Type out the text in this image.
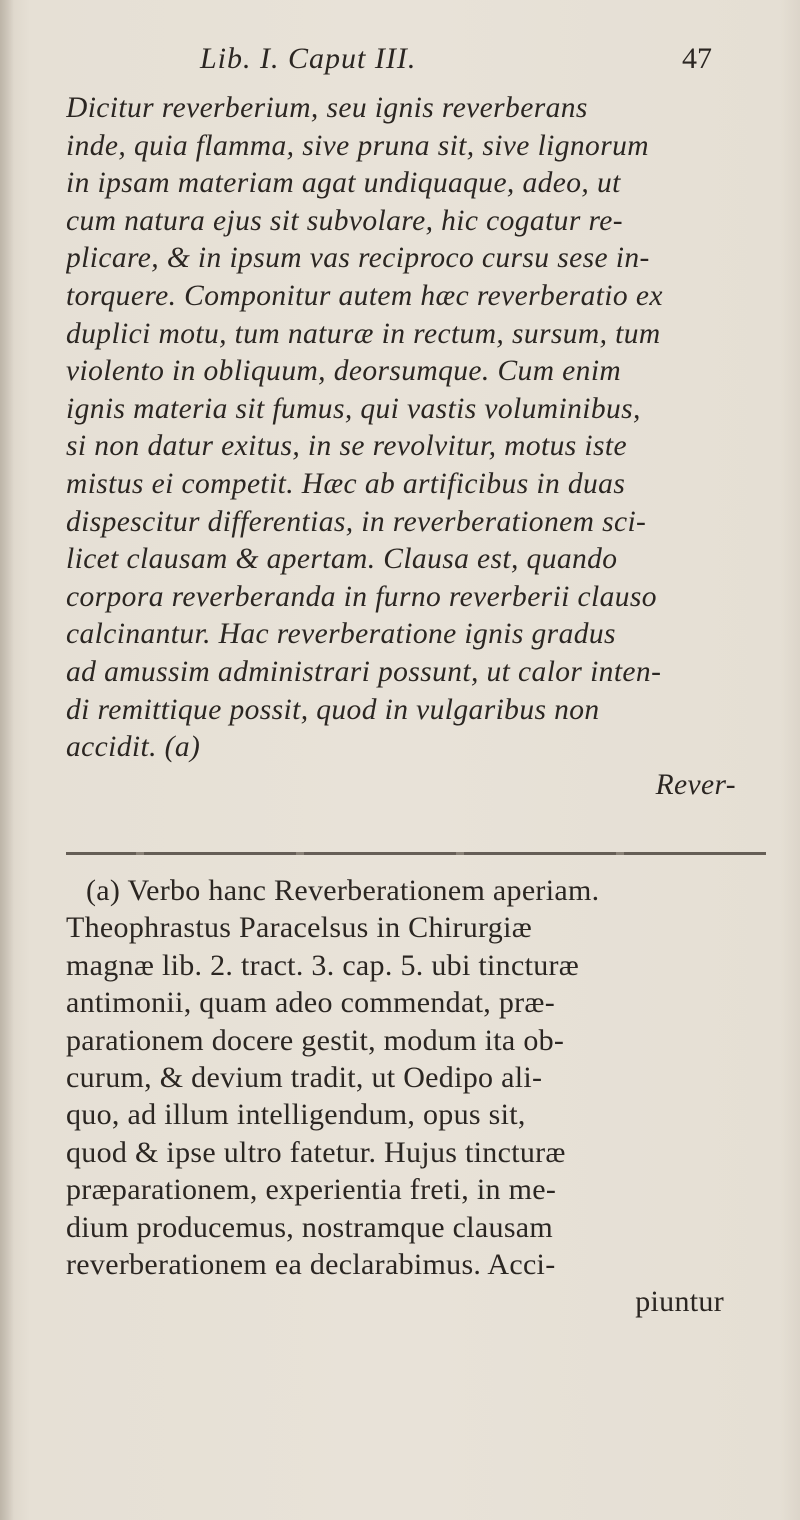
Lib. I. Caput III.	47
Dicitur reverberium, seu ignis reverberans
inde, quia flamma, sive pruna sit, sive lignorum
in ipsam materiam agat undiquaque, adeo, ut
cum natura ejus sit subvolare, hic cogatur re-
plicare, & in ipsum vas reciproco cursu sese in-
torquere. Componitur autem hæc reverberatio ex
duplici motu, tum naturæ in rectum, sursum, tum
violento in obliquum, deorsumque. Cum enim
ignis materia sit fumus, qui vastis voluminibus,
si non datur exitus, in se revolvitur, motus iste
mistus ei competit. Hæc ab artificibus in duas
dispescitur differentias, in reverberationem sci-
licet clausam & apertam. Clausa est, quando
corpora reverberanda in furno reverberii clauso
calcinantur. Hac reverberatione ignis gradus
ad amussim administrari possunt, ut calor inten-
di remittique possit, quod in vulgaribus non
accidit. (a)
Rever-
(a) Verbo hanc Reverberationem aperiam.
Theophrastus Paracelsus in Chirurgiæ
magnæ lib. 2. tract. 3. cap. 5. ubi tincturæ
antimonii, quam adeo commendat, præ-
parationem docere gestit, modum ita ob-
curum, & devium tradit, ut Oedipo ali-
quo, ad illum intelligendum, opus sit,
quod & ipse ultro fatetur. Hujus tincturæ
præparationem, experientia freti, in me-
dium producemus, nostramque clausam
reverberationem ea declarabimus. Acci-
piuntur
